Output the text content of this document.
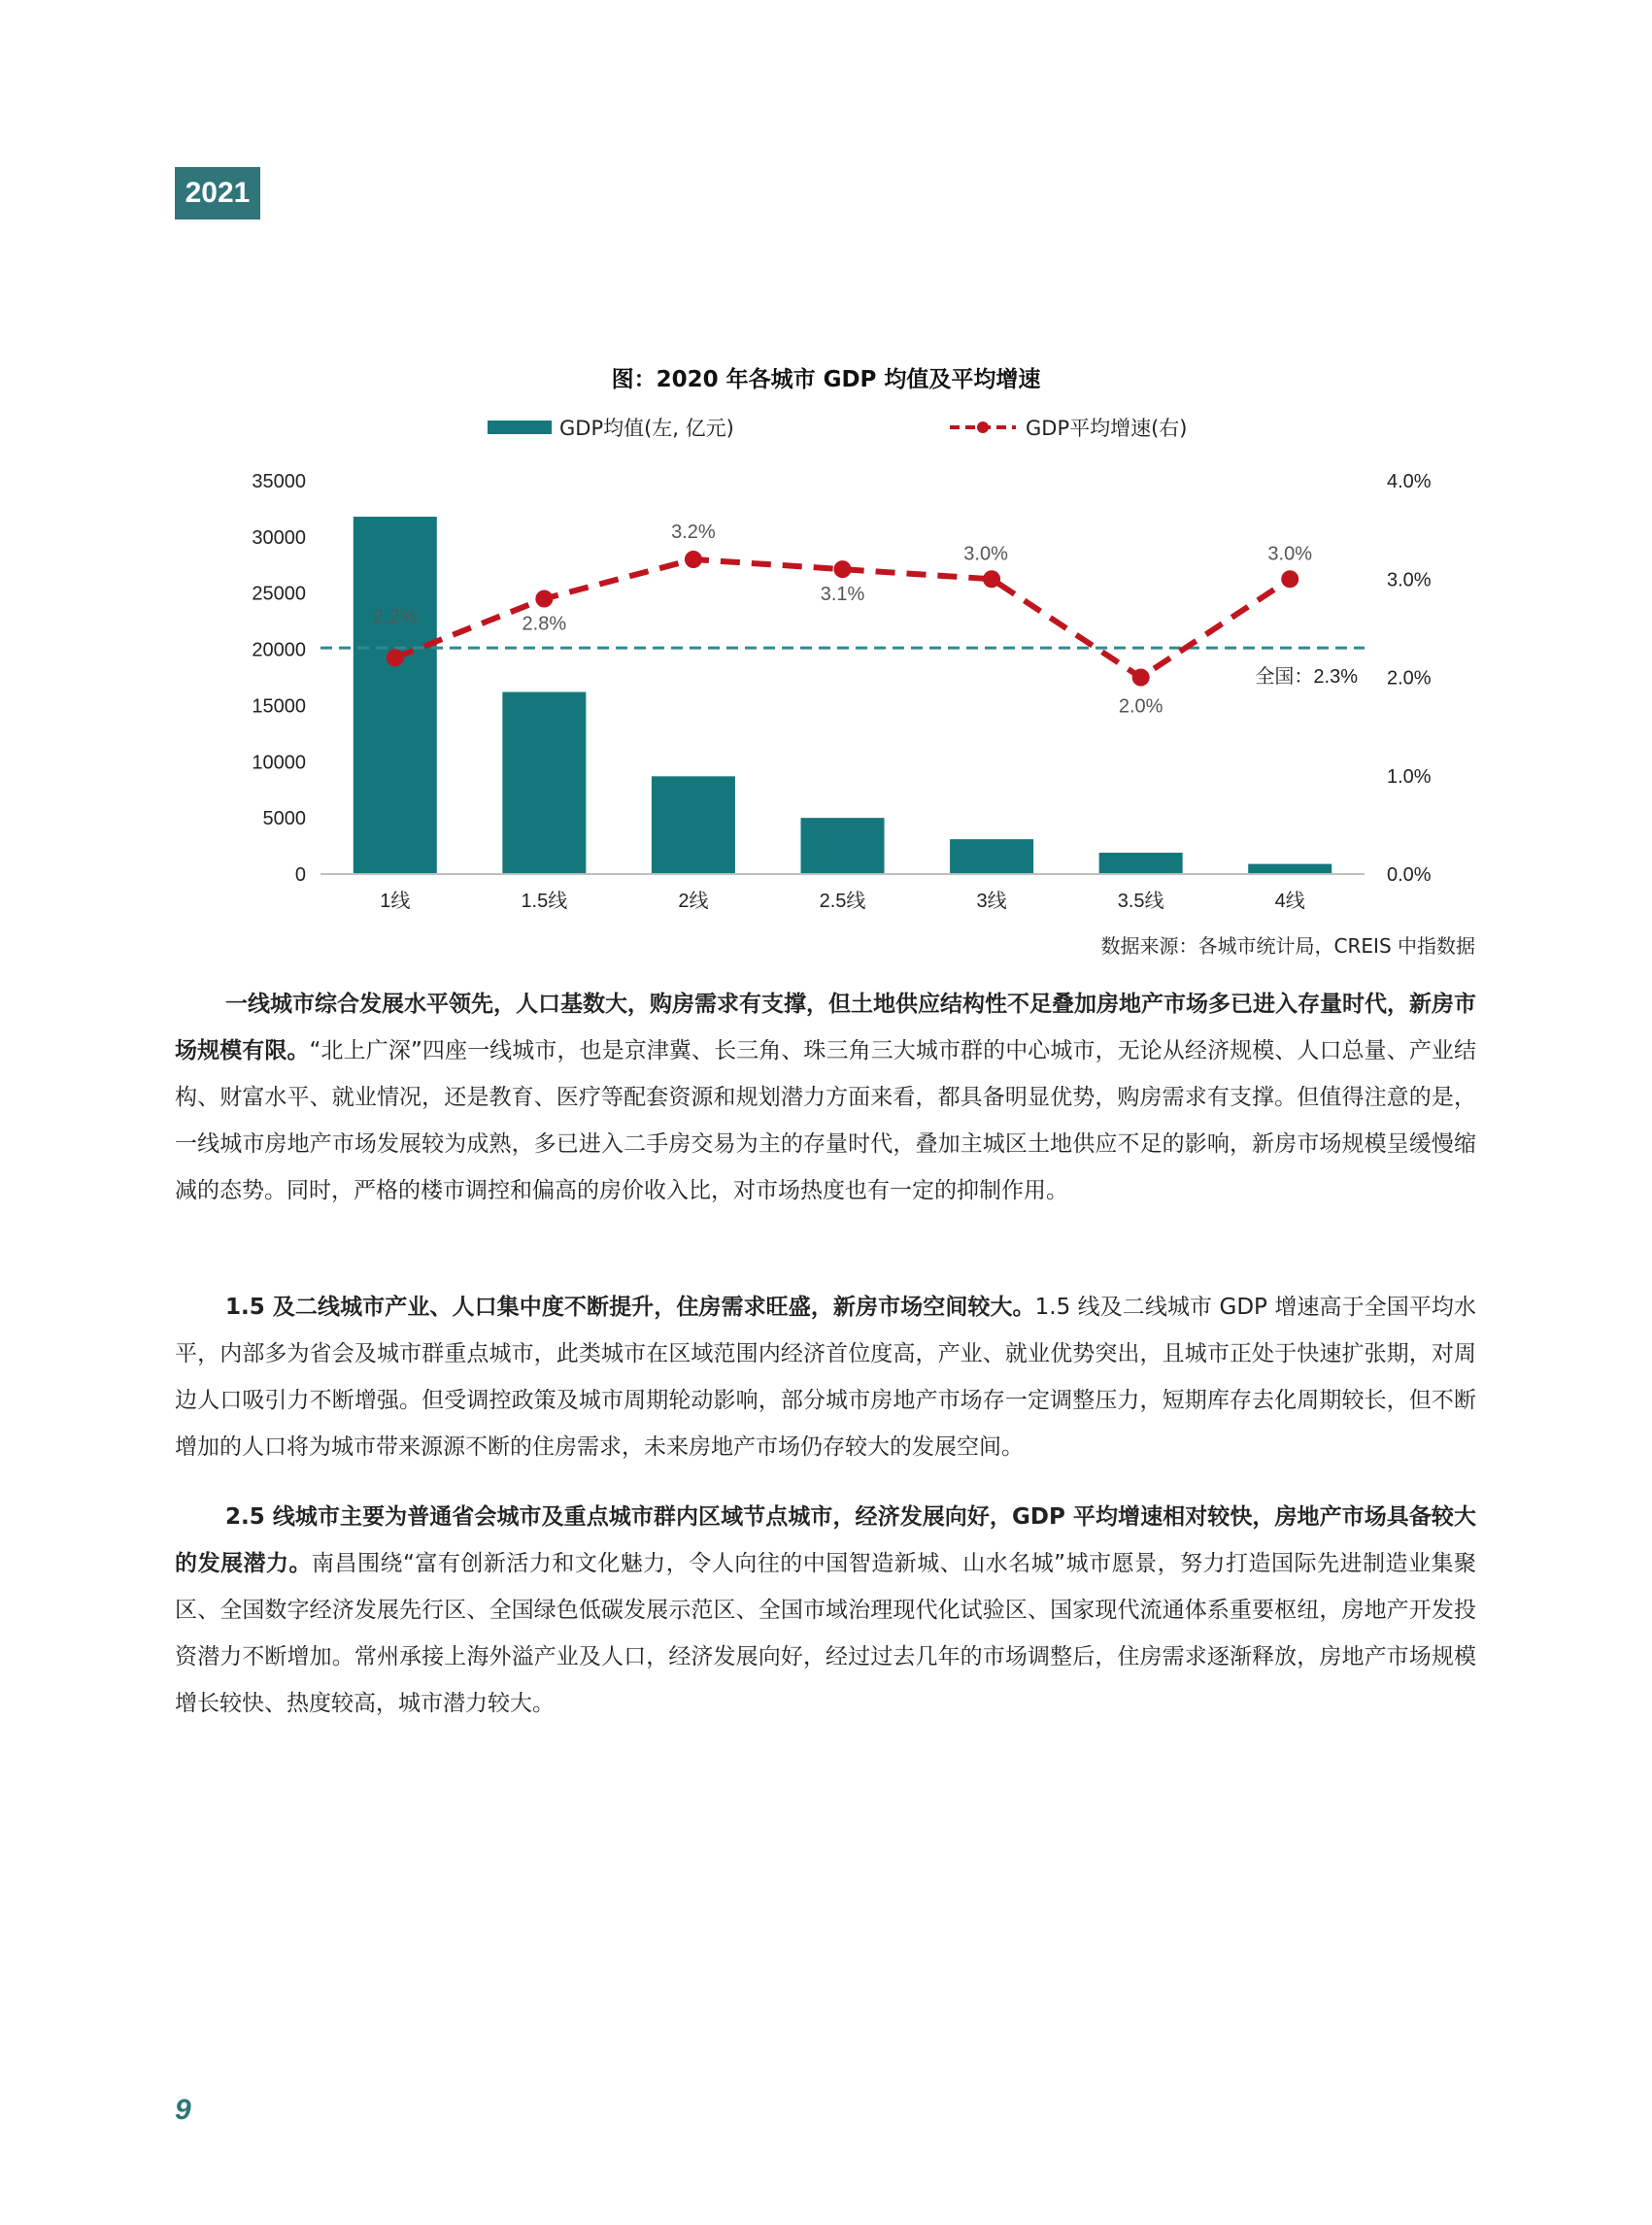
2021
图：2020 年各城市 GDP 均值及平均增速
GDP均值(左, 亿元)	GDP平均增速(右)
0
5000
10000
15000
20000
25000
30000
35000
0.0%
1.0%
2.0%
3.0%
4.0%
1线	1.5线	2线	2.5线	3线	3.5线	4线
全国：2.3%
2.2%	2.8%
3.2%
3.1%
3.0%
2.0%
3.0%
数据来源：各城市统计局，CREIS 中指数据

一线城市综合发展水平领先，人口基数大，购房需求有支撑，但土地供应结构性不足叠加房地产市场多已进入存量时代，新房市场规模有限。“北上广深”四座一线城市，也是京津冀、长三角、珠三角三大城市群的中心城市，无论从经济规模、人口总量、产业结构、财富水平、就业情况，还是教育、医疗等配套资源和规划潜力方面来看，都具备明显优势，购房需求有支撑。但值得注意的是，一线城市房地产市场发展较为成熟，多已进入二手房交易为主的存量时代，叠加主城区土地供应不足的影响，新房市场规模呈缓慢缩减的态势。同时，严格的楼市调控和偏高的房价收入比，对市场热度也有一定的抑制作用。

1.5 及二线城市产业、人口集中度不断提升，住房需求旺盛，新房市场空间较大。1.5 线及二线城市 GDP 增速高于全国平均水平，内部多为省会及城市群重点城市，此类城市在区域范围内经济首位度高，产业、就业优势突出，且城市正处于快速扩张期，对周边人口吸引力不断增强。但受调控政策及城市周期轮动影响，部分城市房地产市场存一定调整压力，短期库存去化周期较长，但不断增加的人口将为城市带来源源不断的住房需求，未来房地产市场仍存较大的发展空间。

2.5 线城市主要为普通省会城市及重点城市群内区域节点城市，经济发展向好，GDP 平均增速相对较快，房地产市场具备较大的发展潜力。南昌围绕“富有创新活力和文化魅力，令人向往的中国智造新城、山水名城”城市愿景，努力打造国际先进制造业集聚区、全国数字经济发展先行区、全国绿色低碳发展示范区、全国市域治理现代化试验区、国家现代流通体系重要枢纽，房地产开发投资潜力不断增加。常州承接上海外溢产业及人口，经济发展向好，经过过去几年的市场调整后，住房需求逐渐释放，房地产市场规模增长较快、热度较高，城市潜力较大。

9
